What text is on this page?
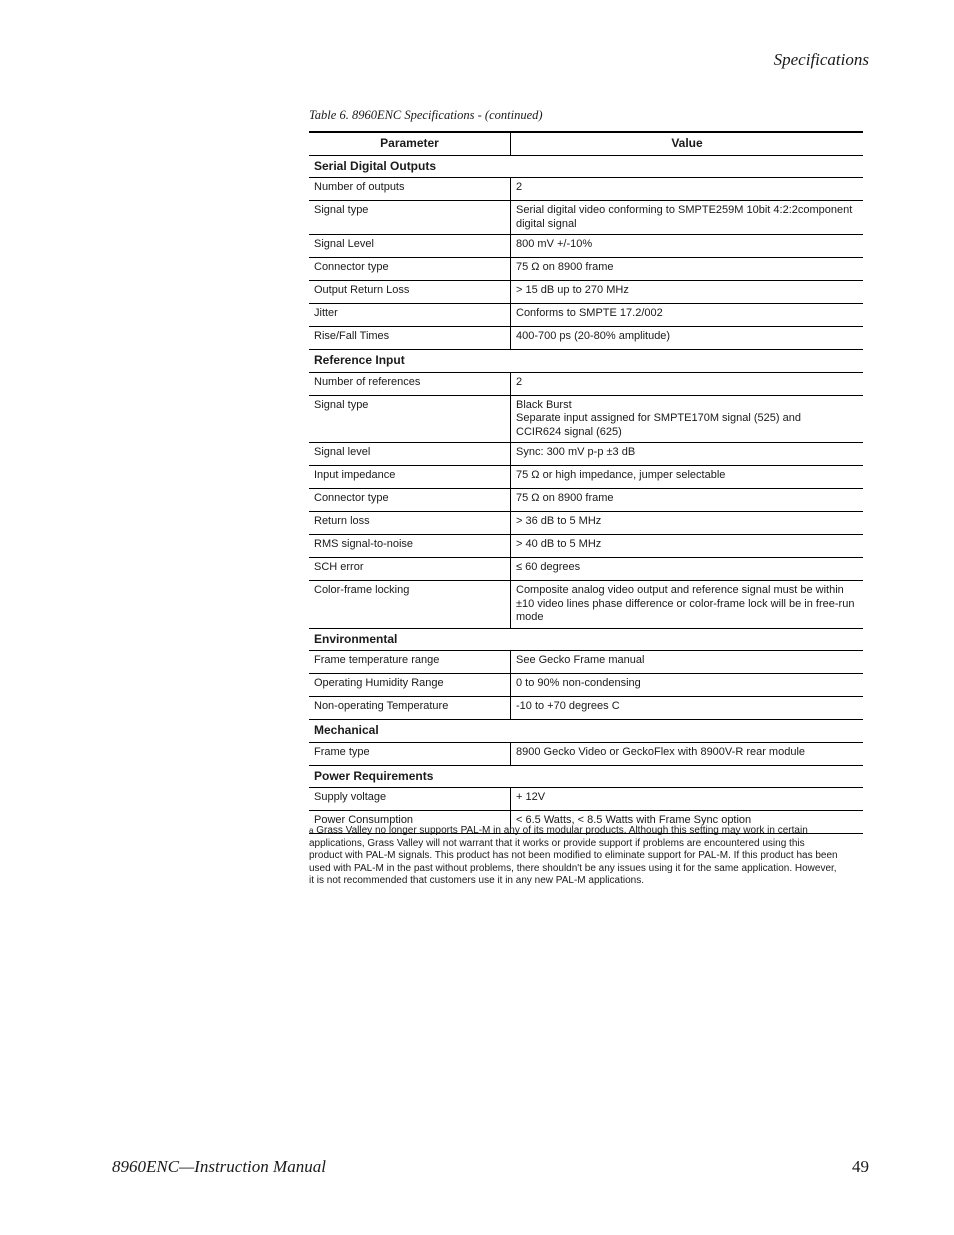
Specifications
Table 6. 8960ENC Specifications - (continued)
Parameter	Value
Serial Digital Outputs	
Number of outputs	2
Signal type	Serial digital video conforming to SMPTE259M 10bit 4:2:2component digital signal
Signal Level	800 mV +/-10%
Connector type	75 Ω on 8900 frame
Output Return Loss	> 15 dB up to 270 MHz
Jitter	Conforms to SMPTE 17.2/002
Rise/Fall Times	400-700 ps (20-80% amplitude)
Reference Input	
Number of references	2
Signal type	Black Burst
Separate input assigned for SMPTE170M signal (525) and
CCIR624 signal (625)
Signal level	Sync: 300 mV p-p ±3 dB
Input impedance	75 Ω or high impedance, jumper selectable
Connector type	75 Ω on 8900 frame
Return loss	> 36 dB to 5 MHz
RMS signal-to-noise	> 40 dB to 5 MHz
SCH error	≤ 60 degrees
Color-frame locking	Composite analog video output and reference signal must be within ±10 video lines phase difference or color-frame lock will be in free-run mode
Environmental	
Frame temperature range	See Gecko Frame manual
Operating Humidity Range	0 to 90% non-condensing
Non-operating Temperature	-10 to +70 degrees C
Mechanical	
Frame type	8900 Gecko Video or GeckoFlex with 8900V-R rear module
Power Requirements	
Supply voltage	+ 12V
Power Consumption	< 6.5 Watts, < 8.5 Watts with Frame Sync option
$^a$ Grass Valley no longer supports PAL-M in any of its modular products. Although this setting may work in certain applications, Grass Valley will not warrant that it works or provide support if problems are encountered using this product with PAL-M signals. This product has not been modified to eliminate support for PAL-M. If this product has been used with PAL-M in the past without problems, there shouldn't be any issues using it for the same application. However, it is not recommended that customers use it in any new PAL-M applications.
8960ENC—Instruction Manual	49
